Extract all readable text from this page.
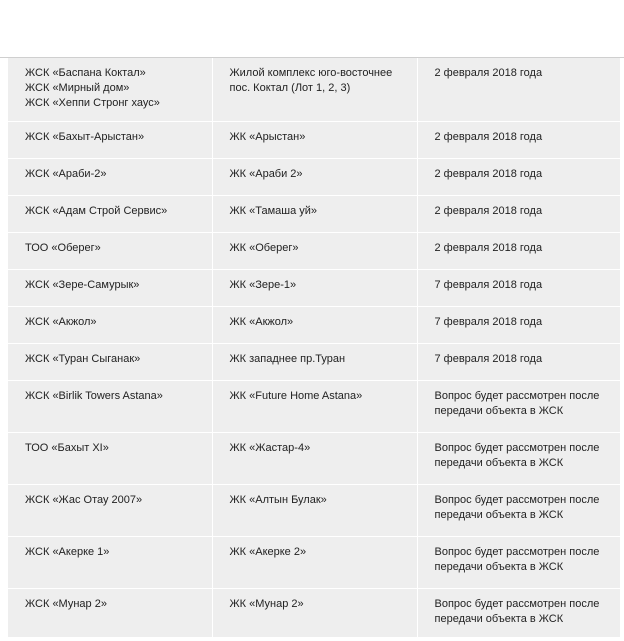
ЖСК «Баспана Коктал»
ЖСК «Мирный дом»
ЖСК «Хеппи Стронг хаус»	Жилой комплекс юго-восточнее
пос. Коктал (Лот 1, 2, 3)	2 февраля 2018 года

ЖСК «Бахыт-Арыстан»	ЖК «Арыстан»	2 февраля 2018 года

ЖСК «Араби-2»	ЖК «Араби 2»	2 февраля 2018 года

ЖСК «Адам Строй Сервис»	ЖК «Тамаша уй»	2 февраля 2018 года

ТОО «Оберег»	ЖК «Оберег»	2 февраля 2018 года

ЖСК «Зере-Самурык»	ЖК «Зере-1»	7 февраля 2018 года

ЖСК «Акжол»	ЖК «Акжол»	7 февраля 2018 года

ЖСК «Туран Сыганак»	ЖК западнее пр.Туран	7 февраля 2018 года

ЖСК «Birlik Towers Astana»	ЖК «Future Home Astana»	Вопрос будет рассмотрен после
передачи объекта в ЖСК

ТОО «Бахыт XI»	ЖК «Жастар-4»	Вопрос будет рассмотрен после
передачи объекта в ЖСК

ЖСК «Жас Отау 2007»	ЖК «Алтын Булак»	Вопрос будет рассмотрен после
передачи объекта в ЖСК

ЖСК «Акерке 1»	ЖК «Акерке 2»	Вопрос будет рассмотрен после
передачи объекта в ЖСК

ЖСК «Мунар 2»	ЖК «Мунар 2»	Вопрос будет рассмотрен после
передачи объекта в ЖСК
